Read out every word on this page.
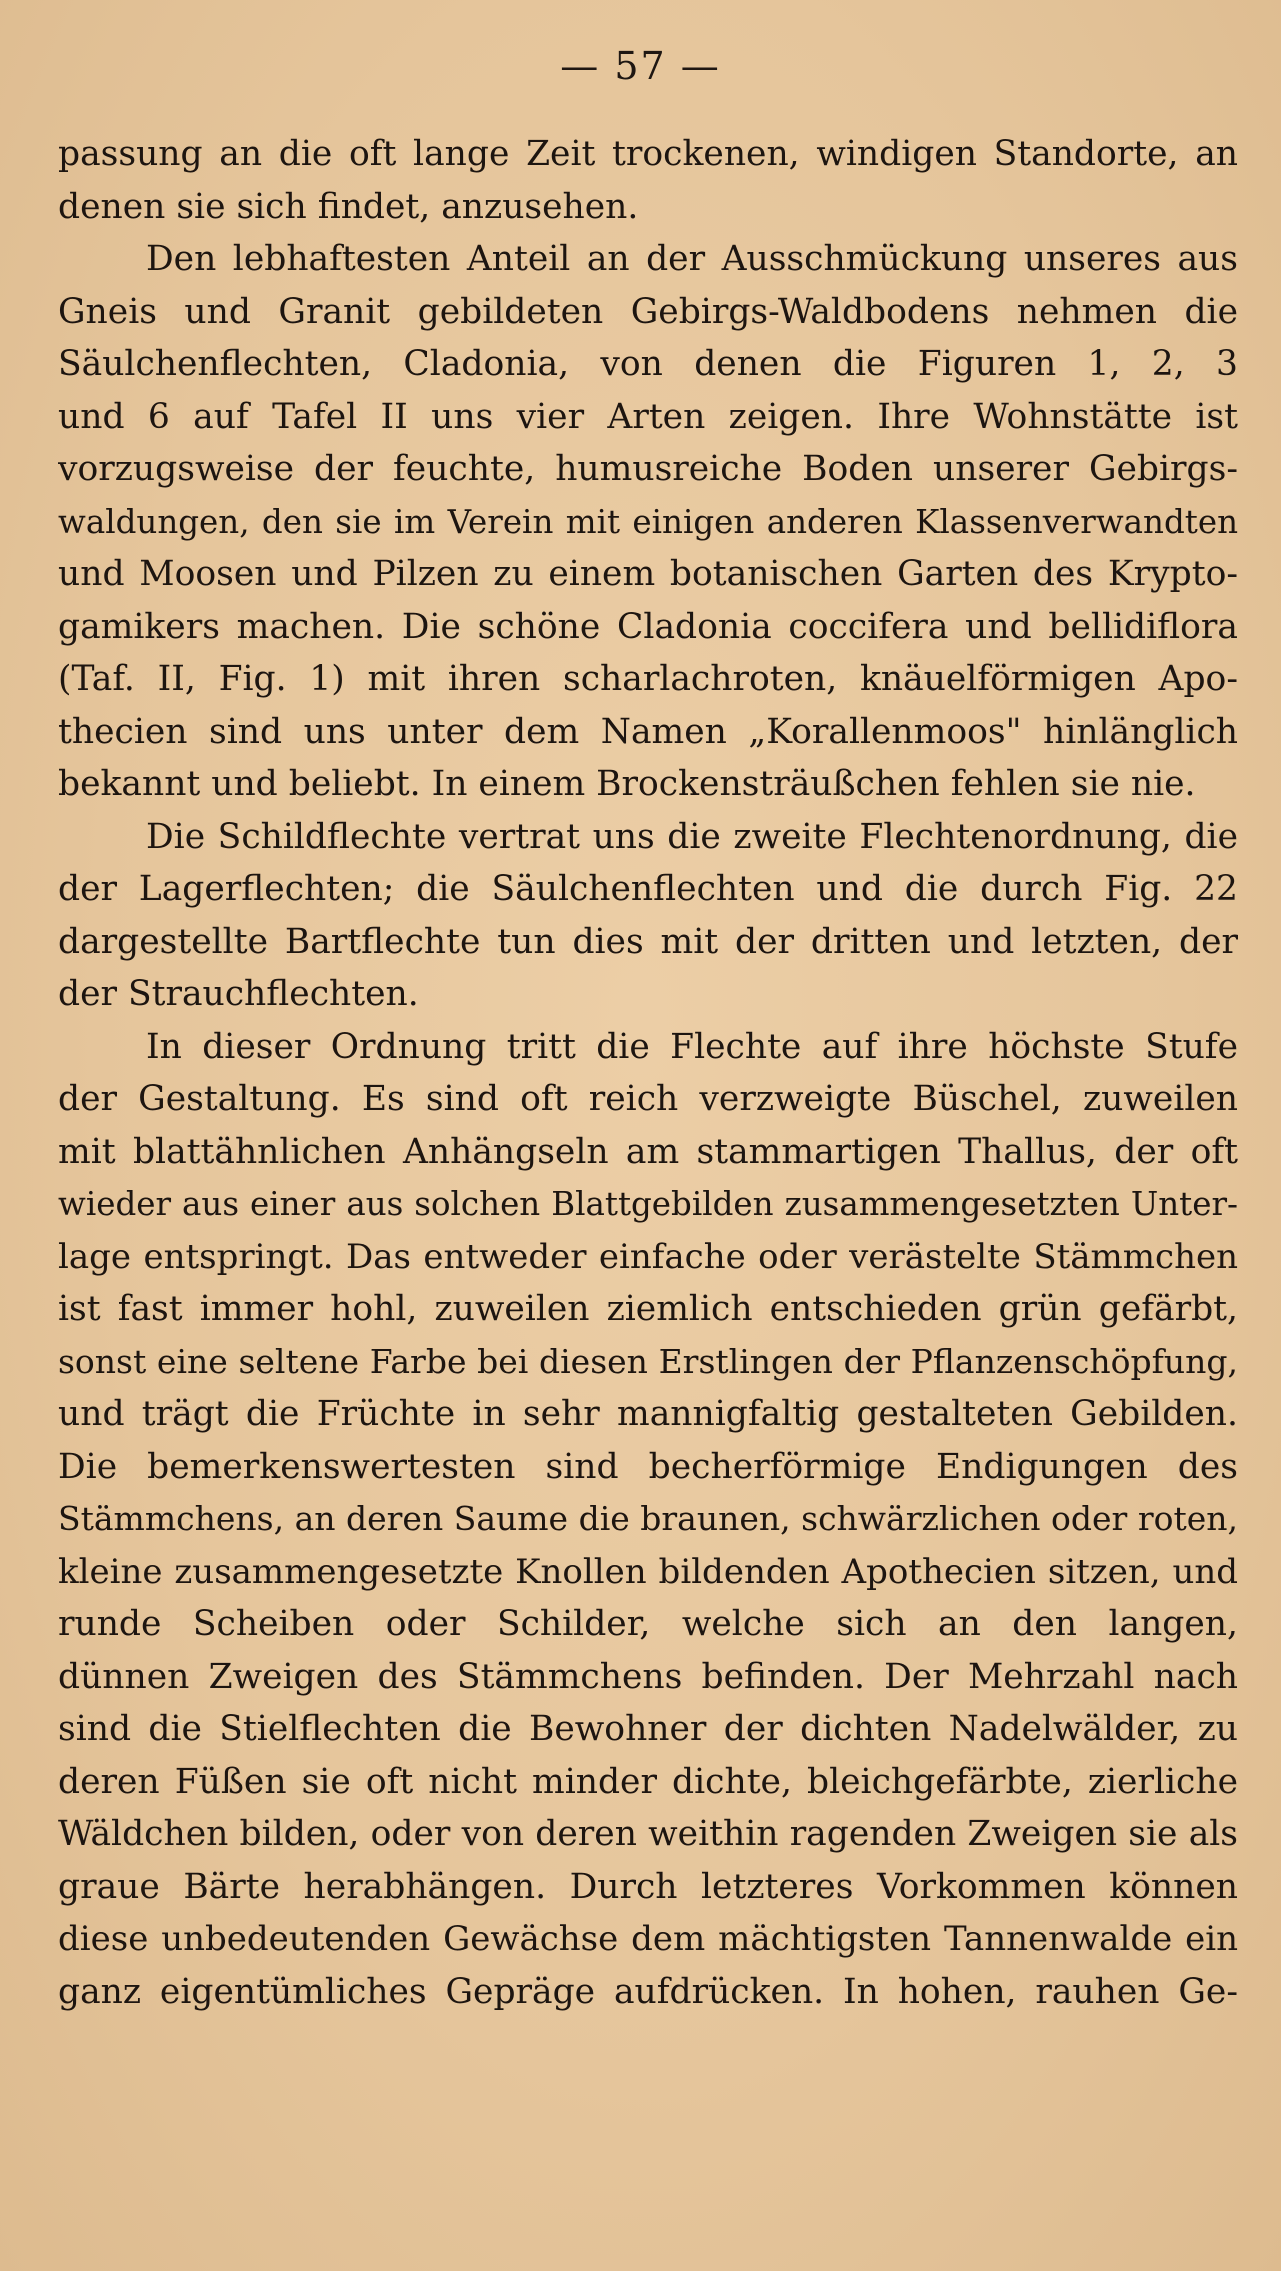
— 57 —
passung an die oft lange Zeit trockenen, windigen Standorte, an
denen sie sich findet, anzusehen.
Den lebhaftesten Anteil an der Ausschmückung unseres aus
Gneis und Granit gebildeten Gebirgs-Waldbodens nehmen die
Säulchenflechten, Cladonia, von denen die Figuren 1, 2, 3
und 6 auf Tafel II uns vier Arten zeigen. Ihre Wohnstätte ist
vorzugsweise der feuchte, humusreiche Boden unserer Gebirgs-
waldungen, den sie im Verein mit einigen anderen Klassenverwandten
und Moosen und Pilzen zu einem botanischen Garten des Krypto-
gamikers machen. Die schöne Cladonia coccifera und bellidiflora
(Taf. II, Fig. 1) mit ihren scharlachroten, knäuelförmigen Apo-
thecien sind uns unter dem Namen „Korallenmoos" hinlänglich
bekannt und beliebt. In einem Brockensträußchen fehlen sie nie.
Die Schildflechte vertrat uns die zweite Flechtenordnung, die
der Lagerflechten; die Säulchenflechten und die durch Fig. 22
dargestellte Bartflechte tun dies mit der dritten und letzten, der
der Strauchflechten.
In dieser Ordnung tritt die Flechte auf ihre höchste Stufe
der Gestaltung. Es sind oft reich verzweigte Büschel, zuweilen
mit blattähnlichen Anhängseln am stammartigen Thallus, der oft
wieder aus einer aus solchen Blattgebilden zusammengesetzten Unter-
lage entspringt. Das entweder einfache oder verästelte Stämmchen
ist fast immer hohl, zuweilen ziemlich entschieden grün gefärbt,
sonst eine seltene Farbe bei diesen Erstlingen der Pflanzenschöpfung,
und trägt die Früchte in sehr mannigfaltig gestalteten Gebilden.
Die bemerkenswertesten sind becherförmige Endigungen des
Stämmchens, an deren Saume die braunen, schwärzlichen oder roten,
kleine zusammengesetzte Knollen bildenden Apothecien sitzen, und
runde Scheiben oder Schilder, welche sich an den langen,
dünnen Zweigen des Stämmchens befinden. Der Mehrzahl nach
sind die Stielflechten die Bewohner der dichten Nadelwälder, zu
deren Füßen sie oft nicht minder dichte, bleichgefärbte, zierliche
Wäldchen bilden, oder von deren weithin ragenden Zweigen sie als
graue Bärte herabhängen. Durch letzteres Vorkommen können
diese unbedeutenden Gewächse dem mächtigsten Tannenwalde ein
ganz eigentümliches Gepräge aufdrücken. In hohen, rauhen Ge-
